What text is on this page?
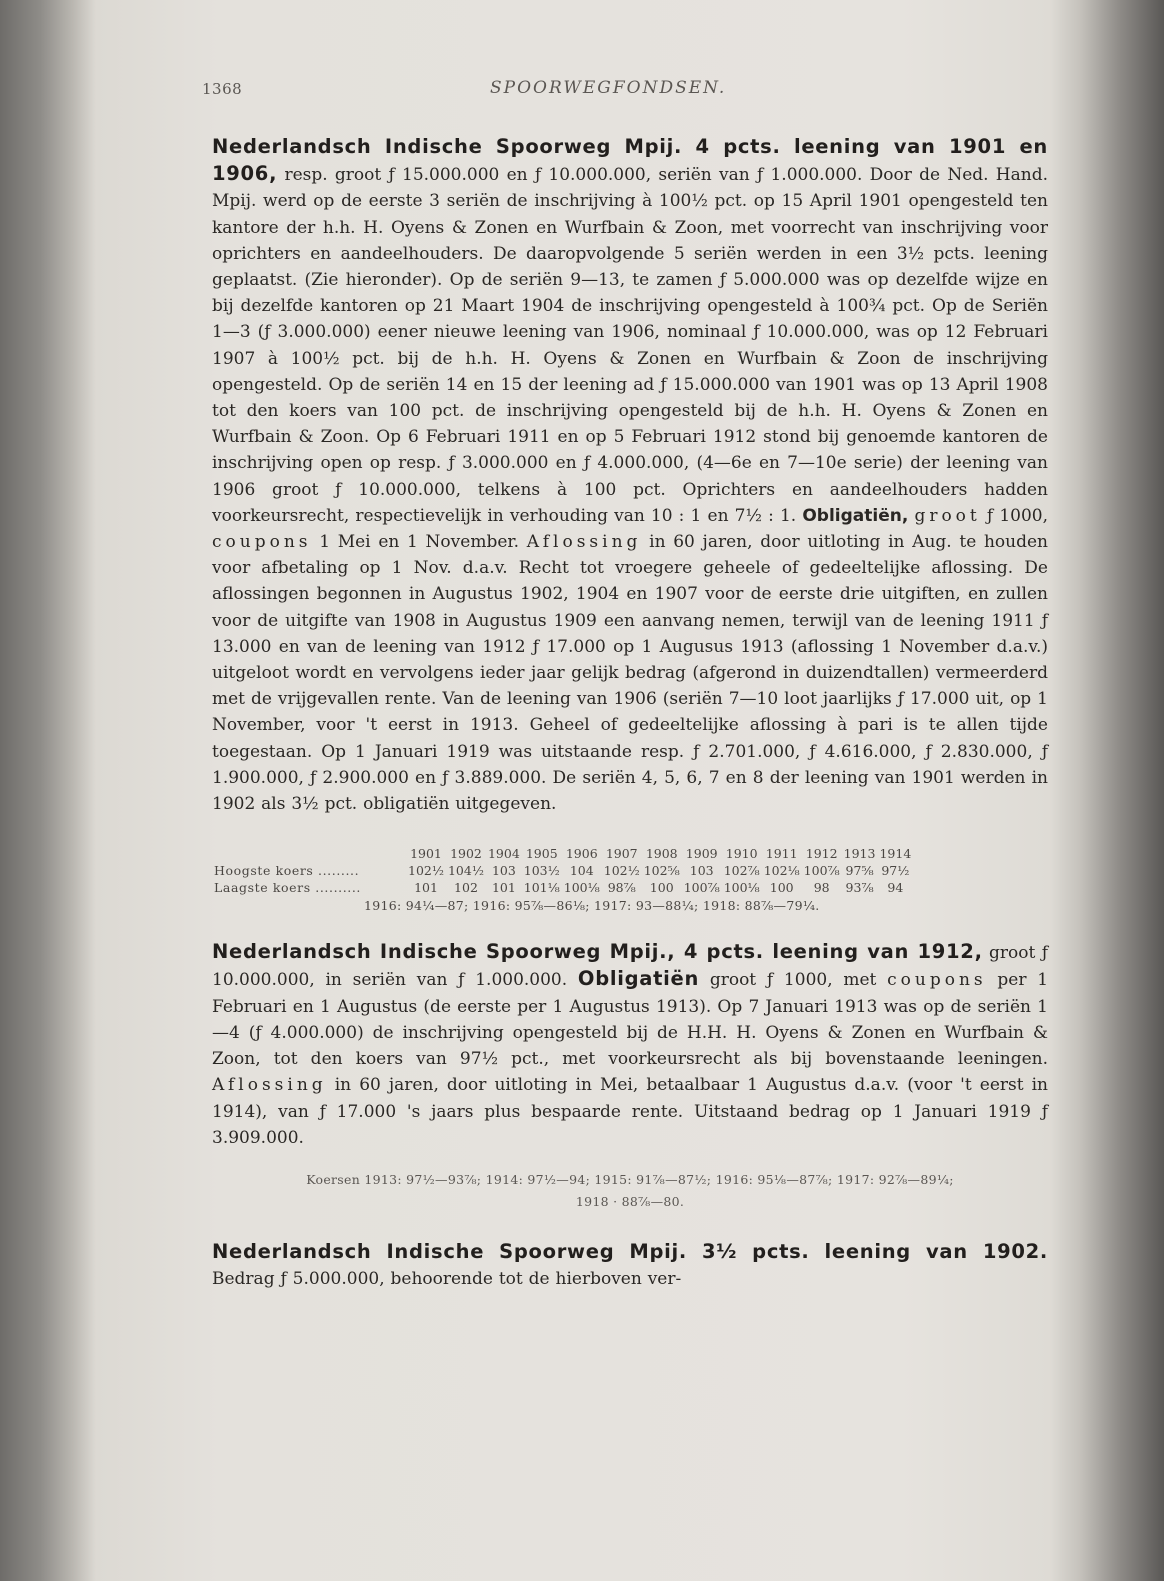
1368	SPOORWEGFONDSEN.

Nederlandsch Indische Spoorweg Mpij. 4 pcts. leening van 1901 en 1906, resp. groot ƒ 15.000.000 en ƒ 10.000.000, seriën van ƒ 1.000.000. Door de Ned. Hand. Mpij. werd op de eerste 3 seriën de inschrijving à 100½ pct. op 15 April 1901 opengesteld ten kantore der h.h. H. Oyens & Zonen en Wurfbain & Zoon, met voorrecht van inschrijving voor oprichters en aandeelhouders. De daaropvolgende 5 seriën werden in een 3½ pcts. leening geplaatst. (Zie hieronder). Op de seriën 9—13, te zamen ƒ 5.000.000 was op dezelfde wijze en bij dezelfde kantoren op 21 Maart 1904 de inschrijving opengesteld à 100¾ pct. Op de Seriën 1—3 (ƒ 3.000.000) eener nieuwe leening van 1906, nominaal ƒ 10.000.000, was op 12 Februari 1907 à 100½ pct. bij de h.h. H. Oyens & Zonen en Wurfbain & Zoon de inschrijving opengesteld. Op de seriën 14 en 15 der leening ad ƒ 15.000.000 van 1901 was op 13 April 1908 tot den koers van 100 pct. de inschrijving opengesteld bij de h.h. H. Oyens & Zonen en Wurfbain & Zoon. Op 6 Februari 1911 en op 5 Februari 1912 stond bij genoemde kantoren de inschrijving open op resp. ƒ 3.000.000 en ƒ 4.000.000, (4—6e en 7—10e serie) der leening van 1906 groot ƒ 10.000.000, telkens à 100 pct. Oprichters en aandeelhouders hadden voorkeursrecht, respectievelijk in verhouding van 10 : 1 en 7½ : 1. Obligatiën, groot ƒ 1000, coupons 1 Mei en 1 November. Aflossing in 60 jaren, door uitloting in Aug. te houden voor afbetaling op 1 Nov. d.a.v. Recht tot vroegere geheele of gedeeltelijke aflossing. De aflossingen begonnen in Augustus 1902, 1904 en 1907 voor de eerste drie uitgiften, en zullen voor de uitgifte van 1908 in Augustus 1909 een aanvang nemen, terwijl van de leening 1911 ƒ 13.000 en van de leening van 1912 ƒ 17.000 op 1 Augusus 1913 (aflossing 1 November d.a.v.) uitgeloot wordt en vervolgens ieder jaar gelijk bedrag (afgerond in duizendtallen) vermeerderd met de vrijgevallen rente. Van de leening van 1906 (seriën 7—10 loot jaarlijks ƒ 17.000 uit, op 1 November, voor 't eerst in 1913. Geheel of gedeeltelijke aflossing à pari is te allen tijde toegestaan. Op 1 Januari 1919 was uitstaande resp. ƒ 2.701.000, ƒ 4.616.000, ƒ 2.830.000, ƒ 1.900.000, ƒ 2.900.000 en ƒ 3.889.000. De seriën 4, 5, 6, 7 en 8 der leening van 1901 werden in 1902 als 3½ pct. obligatiën uitgegeven.

	1901	1902	1904	1905	1906	1907	1908	1909	1910	1911	1912	1913	1914
Hoogste koers .........	102½	104½	103	103½	104	102½	102⅝	103	102⅞	102⅛	100⅞	97⅝	97½
Laagste koers ..........	101	102	101	101⅛	100⅛	98⅞	100	100⅞	100⅛	100	98	93⅞	94
1916: 94¼—87; 1916: 95⅞—86⅛; 1917: 93—88¼; 1918: 88⅞—79¼.

Nederlandsch Indische Spoorweg Mpij., 4 pcts. leening van 1912, groot ƒ 10.000.000, in seriën van ƒ 1.000.000. Obligatiën groot ƒ 1000, met coupons per 1 Februari en 1 Augustus (de eerste per 1 Augustus 1913). Op 7 Januari 1913 was op de seriën 1—4 (ƒ 4.000.000) de inschrijving opengesteld bij de H.H. H. Oyens & Zonen en Wurfbain & Zoon, tot den koers van 97½ pct., met voorkeursrecht als bij bovenstaande leeningen. Aflossing in 60 jaren, door uitloting in Mei, betaalbaar 1 Augustus d.a.v. (voor 't eerst in 1914), van ƒ 17.000 's jaars plus bespaarde rente. Uitstaand bedrag op 1 Januari 1919 ƒ 3.909.000.

Koersen 1913: 97½—93⅞; 1914: 97½—94; 1915: 91⅞—87½; 1916: 95⅛—87⅞; 1917: 92⅞—89¼;
1918 · 88⅞—80.

Nederlandsch Indische Spoorweg Mpij. 3½ pcts. leening van 1902. Bedrag ƒ 5.000.000, behoorende tot de hierboven ver-
